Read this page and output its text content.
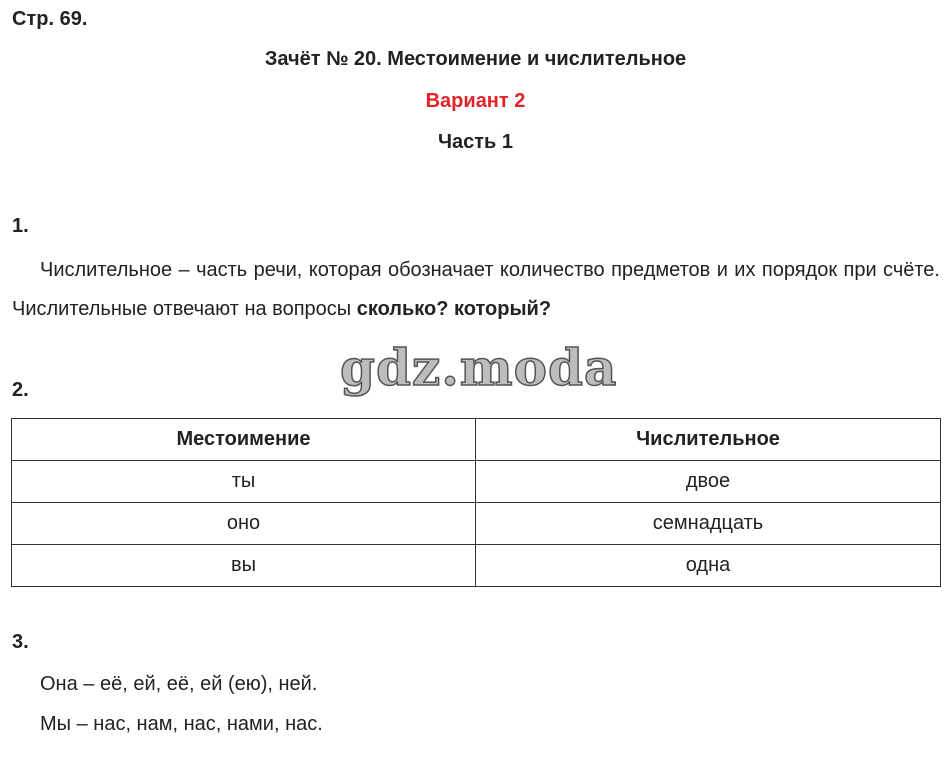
Стр. 69.
Зачёт № 20. Местоимение и числительное
Вариант 2
Часть 1
1.
Числительное – часть речи, которая обозначает количество предметов и их порядок при счёте. Числительные отвечают на вопросы сколько? который?
gdz.moda
2.
Местоимение	Числительное
ты	двое
оно	семнадцать
вы	одна
3.
Она – её, ей, её, ей (ею), ней.
Мы – нас, нам, нас, нами, нас.
